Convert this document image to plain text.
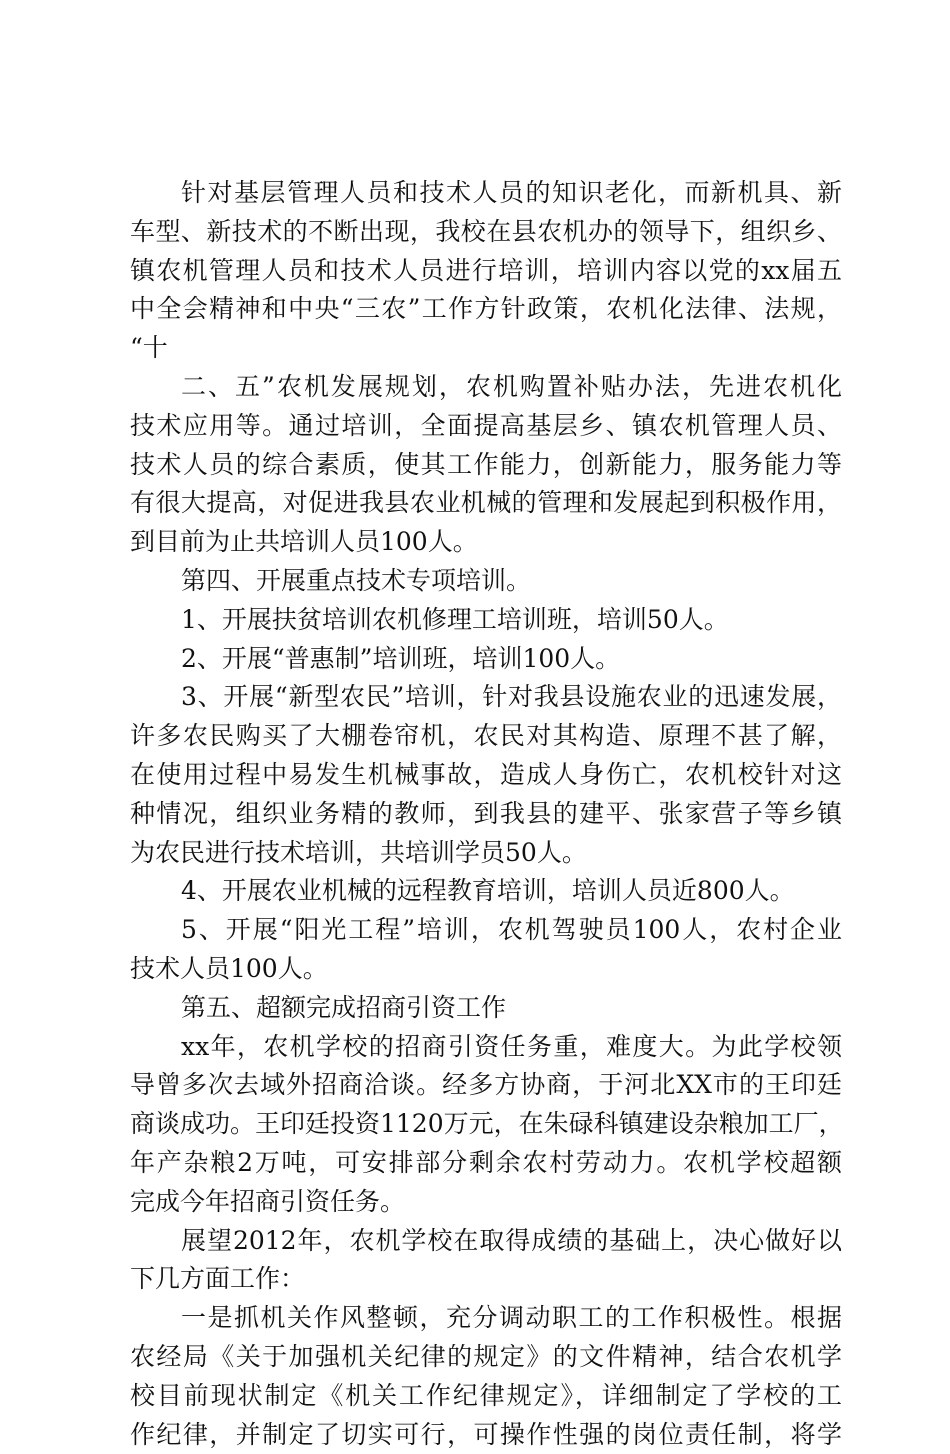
针对基层管理人员和技术人员的知识老化，而新机具、新
车型、新技术的不断出现，我校在县农机办的领导下，组织乡、
镇农机管理人员和技术人员进行培训，培训内容以党的xx届五
中全会精神和中央“三农”工作方针政策，农机化法律、法规，
“十
二、五”农机发展规划，农机购置补贴办法，先进农机化
技术应用等。通过培训，全面提高基层乡、镇农机管理人员、
技术人员的综合素质，使其工作能力，创新能力，服务能力等
有很大提高，对促进我县农业机械的管理和发展起到积极作用，
到目前为止共培训人员100人。
第四、开展重点技术专项培训。
1、开展扶贫培训农机修理工培训班，培训50人。
2、开展“普惠制”培训班，培训100人。
3、开展“新型农民”培训，针对我县设施农业的迅速发展，
许多农民购买了大棚卷帘机，农民对其构造、原理不甚了解，
在使用过程中易发生机械事故，造成人身伤亡，农机校针对这
种情况，组织业务精的教师，到我县的建平、张家营子等乡镇
为农民进行技术培训，共培训学员50人。
4、开展农业机械的远程教育培训，培训人员近800人。
5、开展“阳光工程”培训，农机驾驶员100人，农村企业
技术人员100人。
第五、超额完成招商引资工作
xx年，农机学校的招商引资任务重，难度大。为此学校领
导曾多次去域外招商洽谈。经多方协商，于河北XX市的王印廷
商谈成功。王印廷投资1120万元，在朱碌科镇建设杂粮加工厂，
年产杂粮2万吨，可安排部分剩余农村劳动力。农机学校超额
完成今年招商引资任务。
展望2012年，农机学校在取得成绩的基础上，决心做好以
下几方面工作：
一是抓机关作风整顿，充分调动职工的工作积极性。根据
农经局《关于加强机关纪律的规定》的文件精神，结合农机学
校目前现状制定《机关工作纪律规定》，详细制定了学校的工
作纪律，并制定了切实可行，可操作性强的岗位责任制，将学
